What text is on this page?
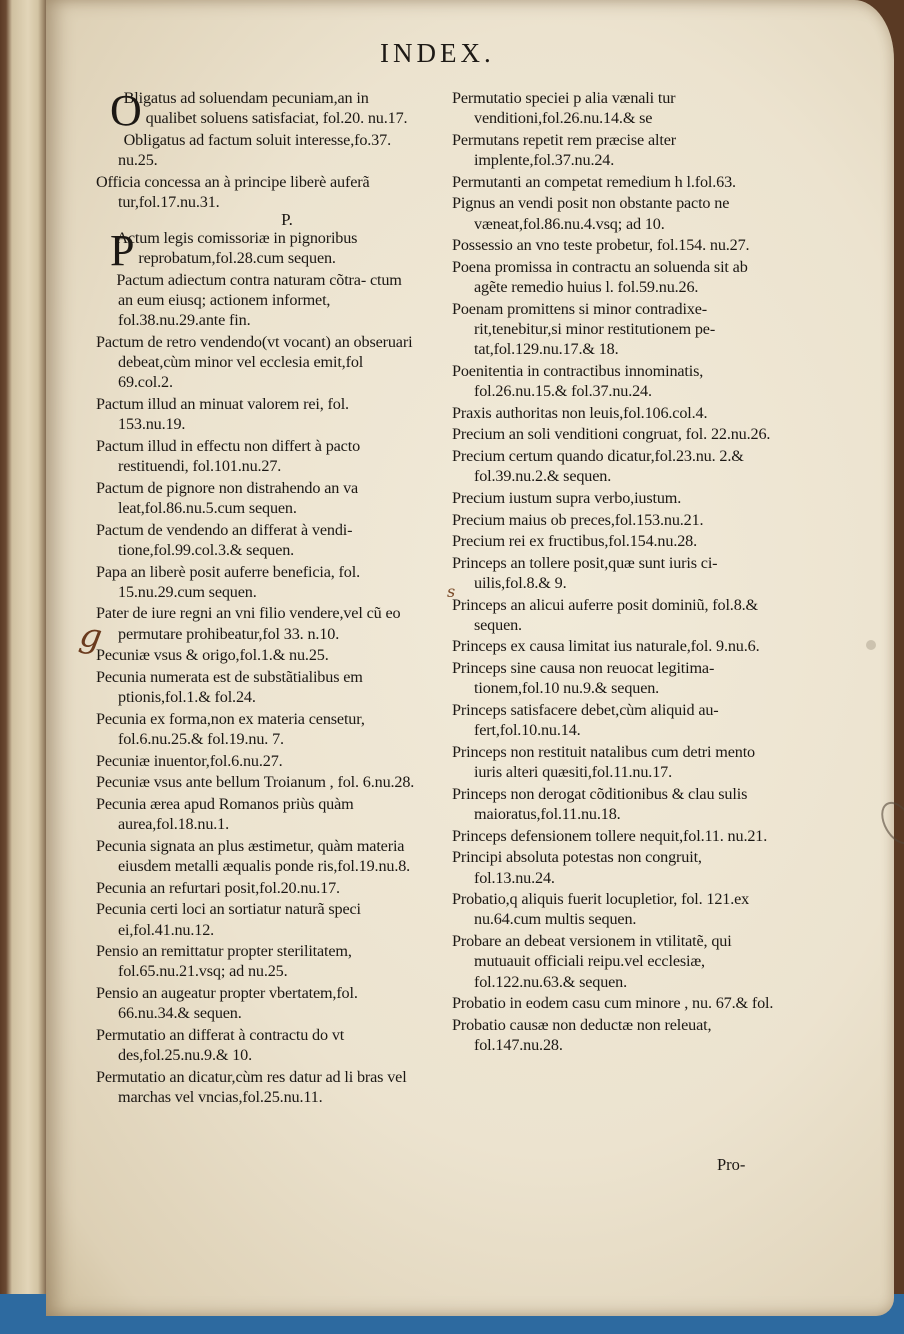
INDEX.
O
Bligatus ad soluendam pecuniam,an in qualibet soluens satisfaciat, fol.20. nu.17.
Obligatus ad factum soluit interesse,fo.37. nu.25.
Officia concessa an à principe liberè auferã tur,fol.17.nu.31.
P.
P
Actum legis comissoriæ in pignoribus reprobatum,fol.28.cum sequen.
Pactum adiectum contra naturam cõtra- ctum an eum eiusq; actionem informet, fol.38.nu.29.ante fin.
Pactum de retro vendendo(vt vocant) an obseruari debeat,cùm minor vel ecclesia emit,fol 69.col.2.
Pactum illud an minuat valorem rei, fol. 153.nu.19.
Pactum illud in effectu non differt à pacto restituendi, fol.101.nu.27.
Pactum de pignore non distrahendo an va leat,fol.86.nu.5.cum sequen.
Pactum de vendendo an differat à vendi- tione,fol.99.col.3.& sequen.
Papa an liberè posit auferre beneficia, fol. 15.nu.29.cum sequen.
Pater de iure regni an vni filio vendere,vel cũ eo permutare prohibeatur,fol 33. n.10.
Pecuniæ vsus & origo,fol.1.& nu.25.
Pecunia numerata est de substãtialibus em ptionis,fol.1.& fol.24.
Pecunia ex forma,non ex materia censetur, fol.6.nu.25.& fol.19.nu. 7.
Pecuniæ inuentor,fol.6.nu.27.
Pecuniæ vsus ante bellum Troianum , fol. 6.nu.28.
Pecunia ærea apud Romanos priùs quàm aurea,fol.18.nu.1.
Pecunia signata an plus æstimetur, quàm materia eiusdem metalli æqualis ponde ris,fol.19.nu.8.
Pecunia an refurtari posit,fol.20.nu.17.
Pecunia certi loci an sortiatur naturã speci ei,fol.41.nu.12.
Pensio an remittatur propter sterilitatem, fol.65.nu.21.vsq; ad nu.25.
Pensio an augeatur propter vbertatem,fol. 66.nu.34.& sequen.
Permutatio an differat à contractu do vt des,fol.25.nu.9.& 10.
Permutatio an dicatur,cùm res datur ad li bras vel marchas vel vncias,fol.25.nu.11.
Permutatio speciei p alia vænali tur venditioni,fol.26.nu.14.& se
Permutans repetit rem præcise alter implente,fol.37.nu.24.
Permutanti an competat remedium h l.fol.63.
Pignus an vendi posit non obstante pacto ne væneat,fol.86.nu.4.vsq; ad 10.
Possessio an vno teste probetur, fol.154. nu.27.
Poena promissa in contractu an soluenda sit ab agẽte remedio huius l. fol.59.nu.26.
Poenam promittens si minor contradixe- rit,tenebitur,si minor restitutionem pe- tat,fol.129.nu.17.& 18.
Poenitentia in contractibus innominatis, fol.26.nu.15.& fol.37.nu.24.
Praxis authoritas non leuis,fol.106.col.4.
Precium an soli venditioni congruat, fol. 22.nu.26.
Precium certum quando dicatur,fol.23.nu. 2.& fol.39.nu.2.& sequen.
Precium iustum supra verbo,iustum.
Precium maius ob preces,fol.153.nu.21.
Precium rei ex fructibus,fol.154.nu.28.
Princeps an tollere posit,quæ sunt iuris ci- uilis,fol.8.& 9.
Princeps an alicui auferre posit dominiũ, fol.8.& sequen.
Princeps ex causa limitat ius naturale,fol. 9.nu.6.
Princeps sine causa non reuocat legitima- tionem,fol.10 nu.9.& sequen.
Princeps satisfacere debet,cùm aliquid au- fert,fol.10.nu.14.
Princeps non restituit natalibus cum detri mento iuris alteri quæsiti,fol.11.nu.17.
Princeps non derogat cõditionibus & clau sulis maioratus,fol.11.nu.18.
Princeps defensionem tollere nequit,fol.11. nu.21.
Principi absoluta potestas non congruit, fol.13.nu.24.
Probatio,q aliquis fuerit locupletior, fol. 121.ex nu.64.cum multis sequen.
Probare an debeat versionem in vtilitatẽ, qui mutuauit officiali reipu.vel ecclesiæ, fol.122.nu.63.& sequen.
Probatio in eodem casu cum minore , nu. 67.& fol.
Probatio causæ non deductæ non releuat, fol.147.nu.28.
g
s
Pro-
